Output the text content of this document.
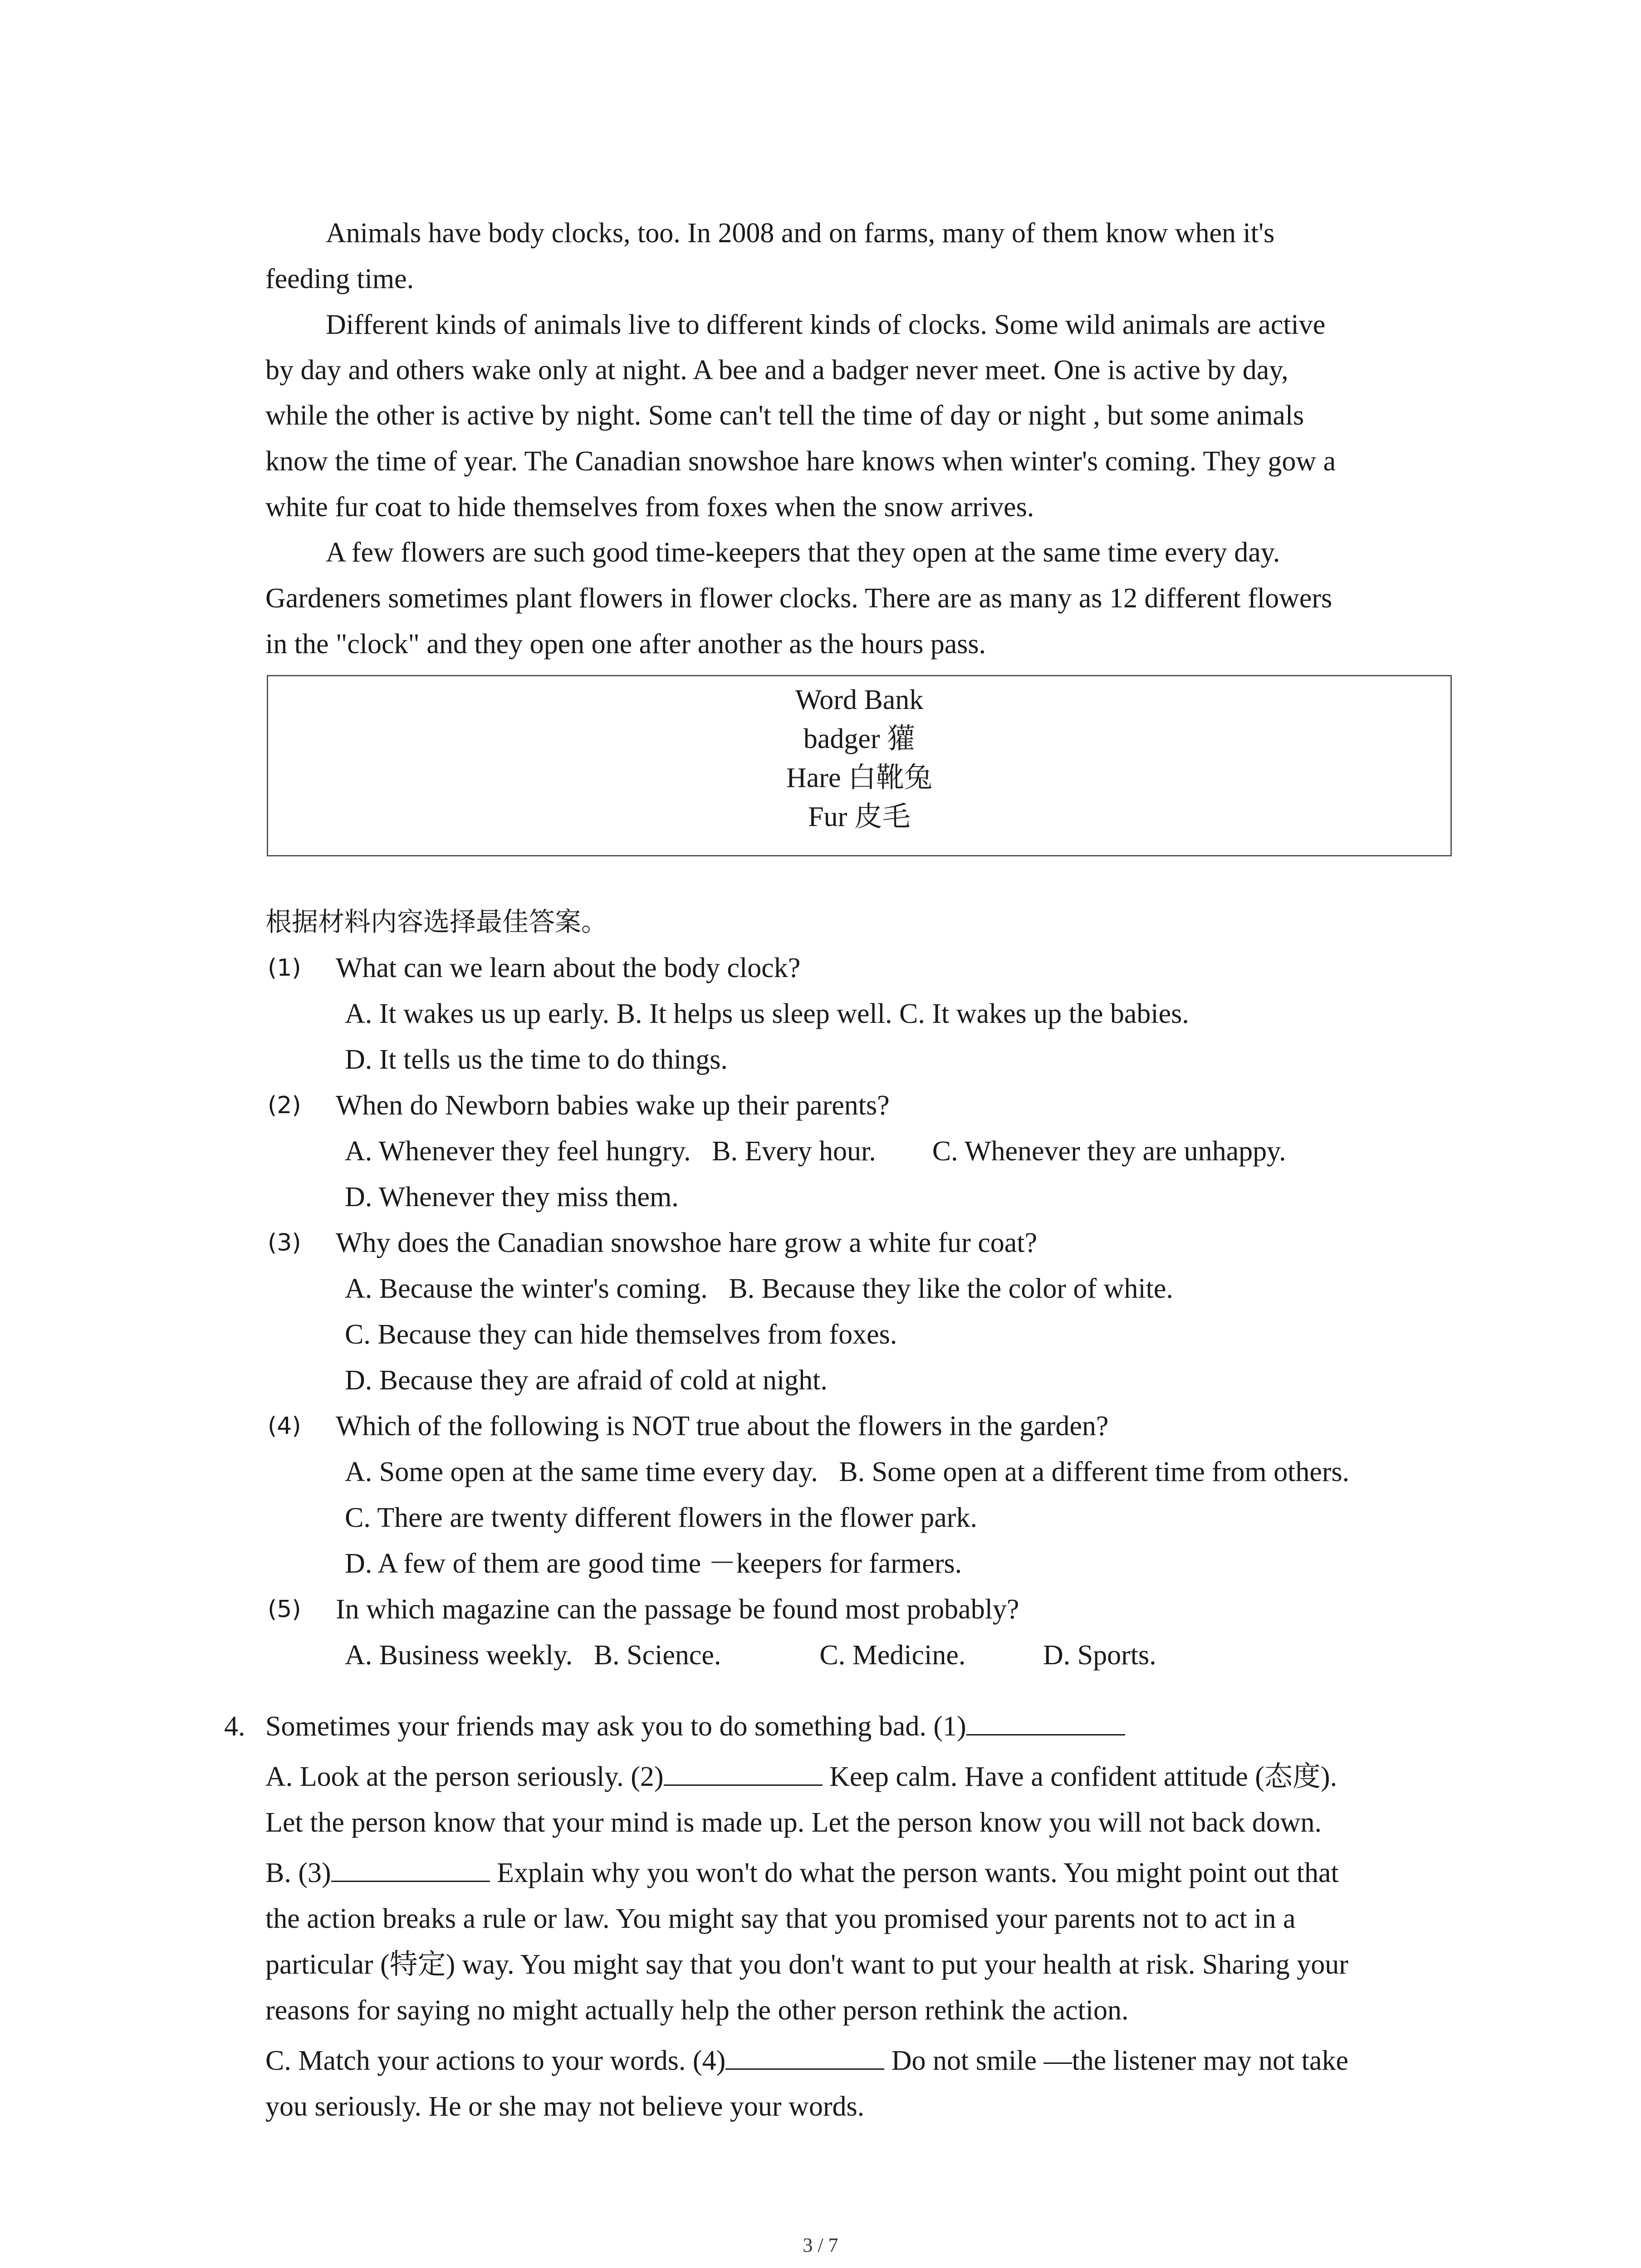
Animals have body clocks, too. In 2008 and on farms, many of them know when it's
feeding time.
Different kinds of animals live to different kinds of clocks. Some wild animals are active
by day and others wake only at night. A bee and a badger never meet. One is active by day,
while the other is active by night. Some can't tell the time of day or night , but some animals
know the time of year. The Canadian snowshoe hare knows when winter's coming. They gow a
white fur coat to hide themselves from foxes when the snow arrives.
A few flowers are such good time-keepers that they open at the same time every day.
Gardeners sometimes plant flowers in flower clocks. There are as many as 12 different flowers
in the "clock" and they open one after another as the hours pass.
Word Bank
badger 獾
Hare 白靴兔
Fur 皮毛
根据材料内容选择最佳答案。
(1) What can we learn about the body clock?
A. It wakes us up early. B. It helps us sleep well. C. It wakes up the babies.
D. It tells us the time to do things.
(2) When do Newborn babies wake up their parents?
A. Whenever they feel hungry.   B. Every hour.        C. Whenever they are unhappy.
D. Whenever they miss them.
(3) Why does the Canadian snowshoe hare grow a white fur coat?
A. Because the winter's coming.   B. Because they like the color of white.
C. Because they can hide themselves from foxes.
D. Because they are afraid of cold at night.
(4) Which of the following is NOT true about the flowers in the garden?
A. Some open at the same time every day.   B. Some open at a different time from others.
C. There are twenty different flowers in the flower park.
D. A few of them are good time －keepers for farmers.
(5) In which magazine can the passage be found most probably?
A. Business weekly.   B. Science.              C. Medicine.           D. Sports.
4. Sometimes your friends may ask you to do something bad. (1)
A. Look at the person seriously. (2)	Keep calm. Have a confident attitude (态度).
Let the person know that your mind is made up. Let the person know you will not back down.
B. (3)	Explain why you won't do what the person wants. You might point out that
the action breaks a rule or law. You might say that you promised your parents not to act in a
particular (特定) way. You might say that you don't want to put your health at risk. Sharing your
reasons for saying no might actually help the other person rethink the action.
C. Match your actions to your words. (4)	Do not smile —the listener may not take
you seriously. He or she may not believe your words.
3 / 7
